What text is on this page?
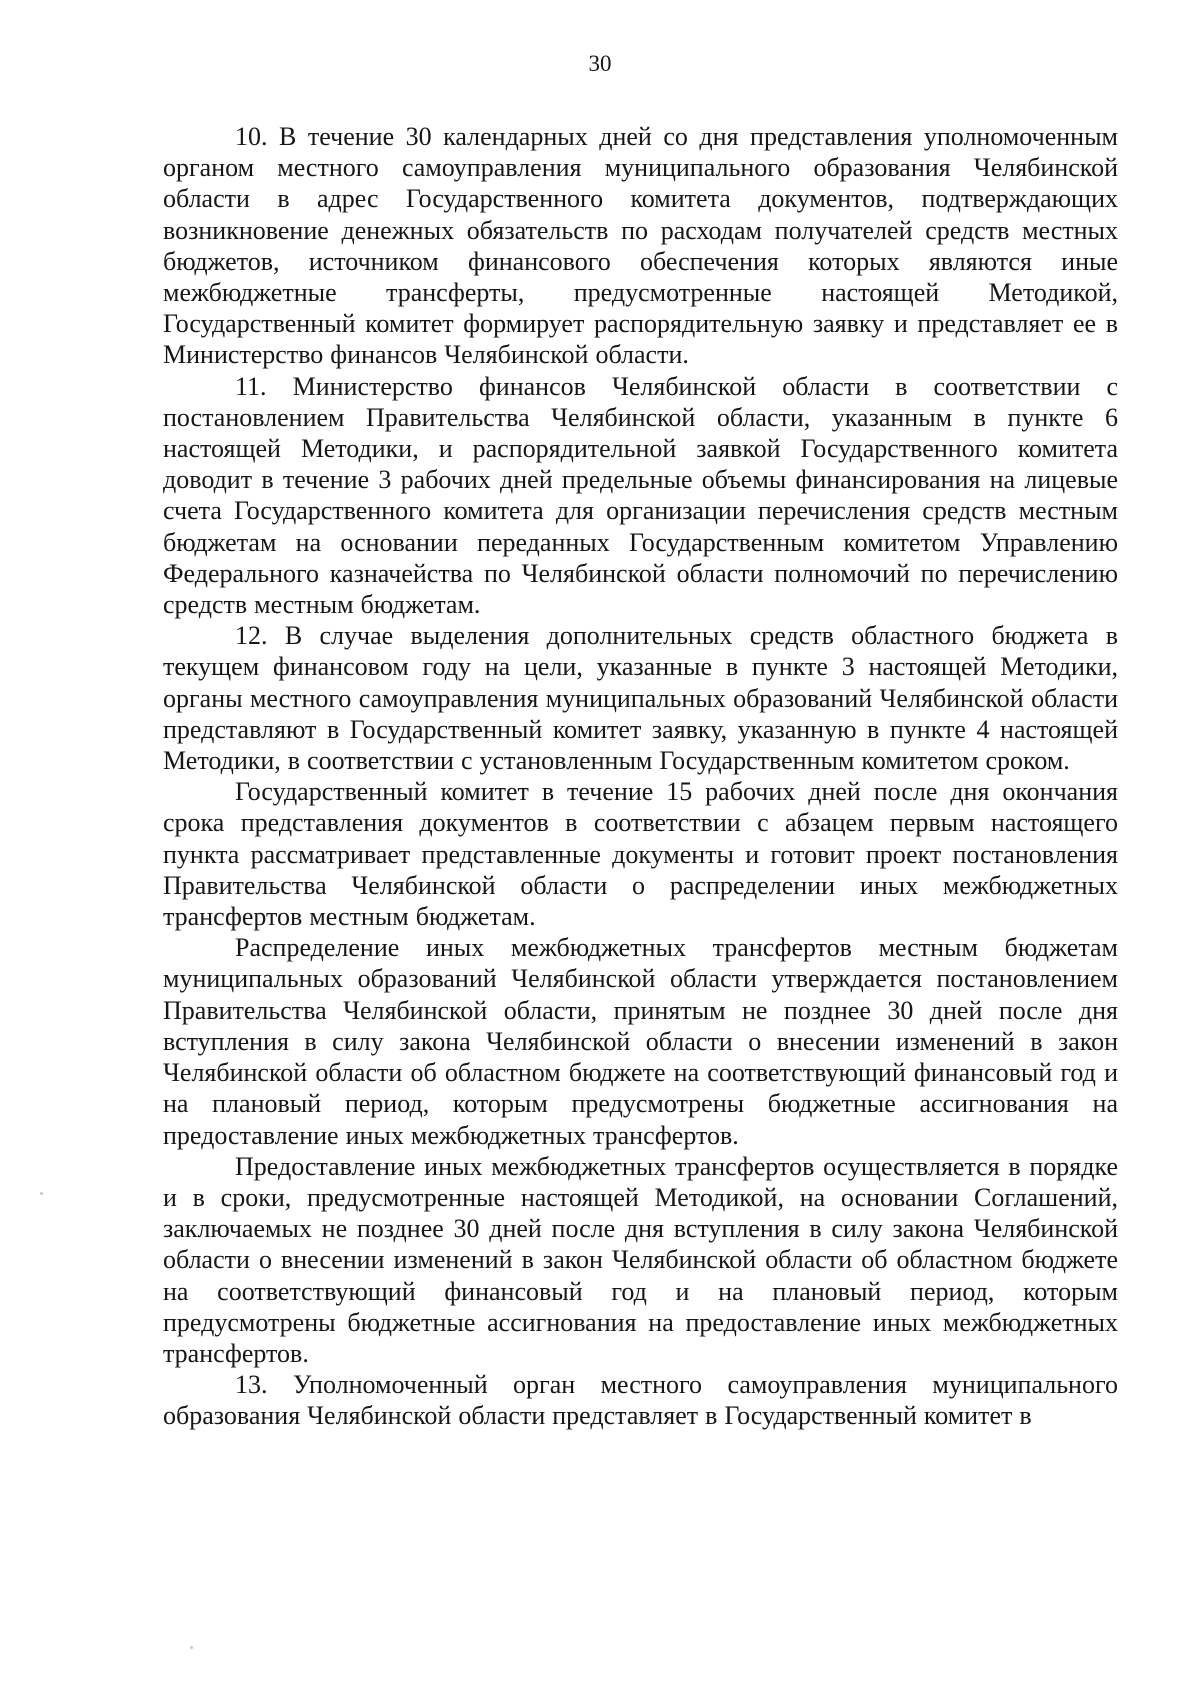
30

10. В течение 30 календарных дней со дня представления уполномоченным органом местного самоуправления муниципального образования Челябинской области в адрес Государственного комитета документов, подтверждающих возникновение денежных обязательств по расходам получателей средств местных бюджетов, источником финансового обеспечения которых являются иные межбюджетные трансферты, предусмотренные настоящей Методикой, Государственный комитет формирует распорядительную заявку и представляет ее в Министерство финансов Челябинской области.

11. Министерство финансов Челябинской области в соответствии с постановлением Правительства Челябинской области, указанным в пункте 6 настоящей Методики, и распорядительной заявкой Государственного комитета доводит в течение 3 рабочих дней предельные объемы финансирования на лицевые счета Государственного комитета для организации перечисления средств местным бюджетам на основании переданных Государственным комитетом Управлению Федерального казначейства по Челябинской области полномочий по перечислению средств местным бюджетам.

12. В случае выделения дополнительных средств областного бюджета в текущем финансовом году на цели, указанные в пункте 3 настоящей Методики, органы местного самоуправления муниципальных образований Челябинской области представляют в Государственный комитет заявку, указанную в пункте 4 настоящей Методики, в соответствии с установленным Государственным комитетом сроком.

Государственный комитет в течение 15 рабочих дней после дня окончания срока представления документов в соответствии с абзацем первым настоящего пункта рассматривает представленные документы и готовит проект постановления Правительства Челябинской области о распределении иных межбюджетных трансфертов местным бюджетам.

Распределение иных межбюджетных трансфертов местным бюджетам муниципальных образований Челябинской области утверждается постановлением Правительства Челябинской области, принятым не позднее 30 дней после дня вступления в силу закона Челябинской области о внесении изменений в закон Челябинской области об областном бюджете на соответствующий финансовый год и на плановый период, которым предусмотрены бюджетные ассигнования на предоставление иных межбюджетных трансфертов.

Предоставление иных межбюджетных трансфертов осуществляется в порядке и в сроки, предусмотренные настоящей Методикой, на основании Соглашений, заключаемых не позднее 30 дней после дня вступления в силу закона Челябинской области о внесении изменений в закон Челябинской области об областном бюджете на соответствующий финансовый год и на плановый период, которым предусмотрены бюджетные ассигнования на предоставление иных межбюджетных трансфертов.

13. Уполномоченный орган местного самоуправления муниципального образования Челябинской области представляет в Государственный комитет в
